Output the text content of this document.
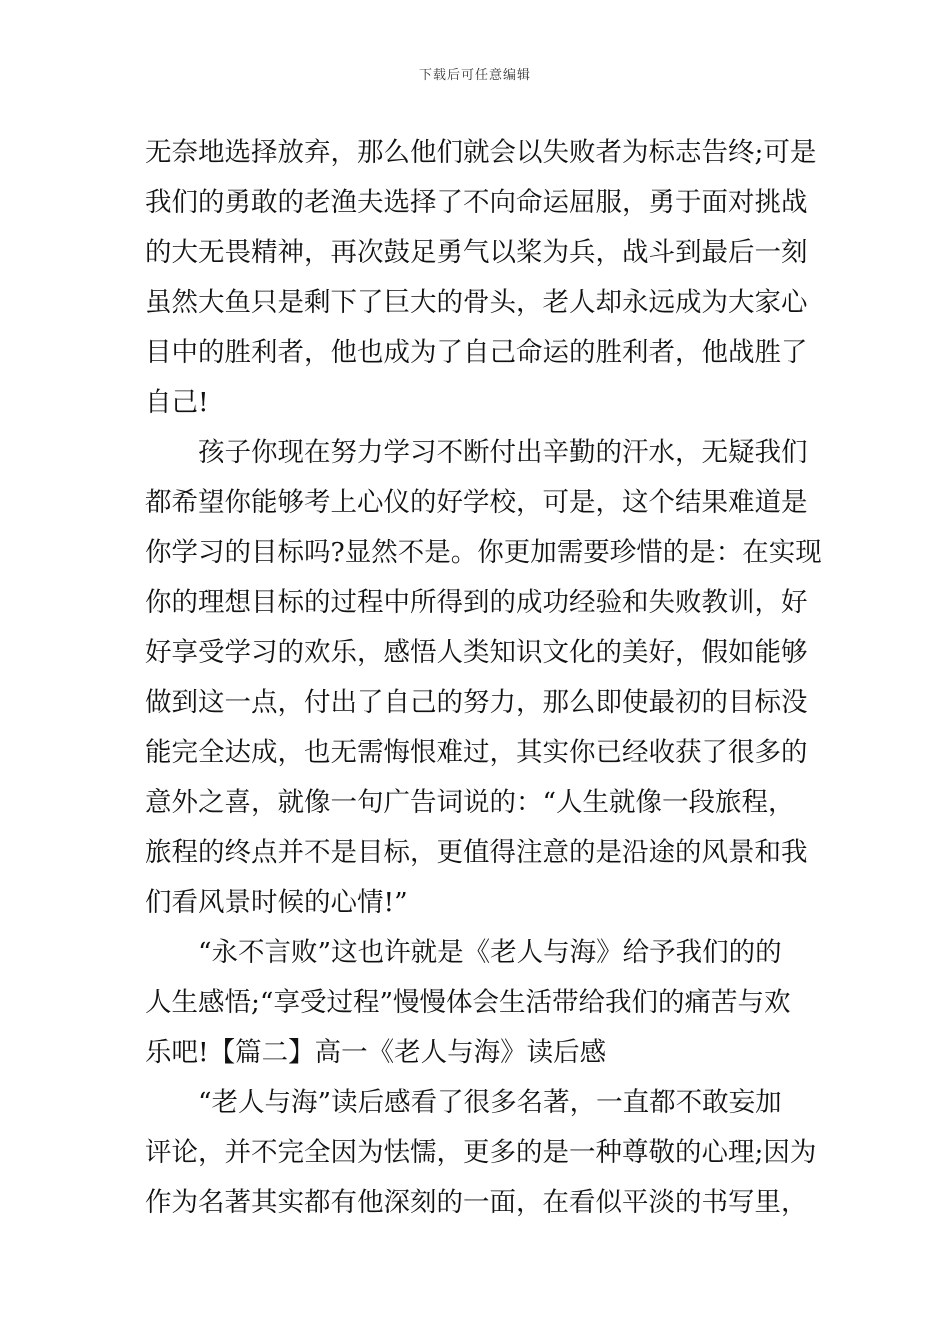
下载后可任意编辑
无奈地选择放弃，那么他们就会以失败者为标志告终;可是
我们的勇敢的老渔夫选择了不向命运屈服，勇于面对挑战
的大无畏精神，再次鼓足勇气以桨为兵，战斗到最后一刻
虽然大鱼只是剩下了巨大的骨头，老人却永远成为大家心
目中的胜利者，他也成为了自己命运的胜利者，他战胜了
自己!
孩子你现在努力学习不断付出辛勤的汗水，无疑我们
都希望你能够考上心仪的好学校，可是，这个结果难道是
你学习的目标吗?显然不是。你更加需要珍惜的是：在实现
你的理想目标的过程中所得到的成功经验和失败教训，好
好享受学习的欢乐，感悟人类知识文化的美好，假如能够
做到这一点，付出了自己的努力，那么即使最初的目标没
能完全达成，也无需悔恨难过，其实你已经收获了很多的
意外之喜，就像一句广告词说的：“人生就像一段旅程，
旅程的终点并不是目标，更值得注意的是沿途的风景和我
们看风景时候的心情!”
“永不言败”这也许就是《老人与海》给予我们的的
人生感悟;“享受过程”慢慢体会生活带给我们的痛苦与欢
乐吧!【篇二】高一《老人与海》读后感
“老人与海”读后感看了很多名著，一直都不敢妄加
评论，并不完全因为怯懦，更多的是一种尊敬的心理;因为
作为名著其实都有他深刻的一面，在看似平淡的书写里，
